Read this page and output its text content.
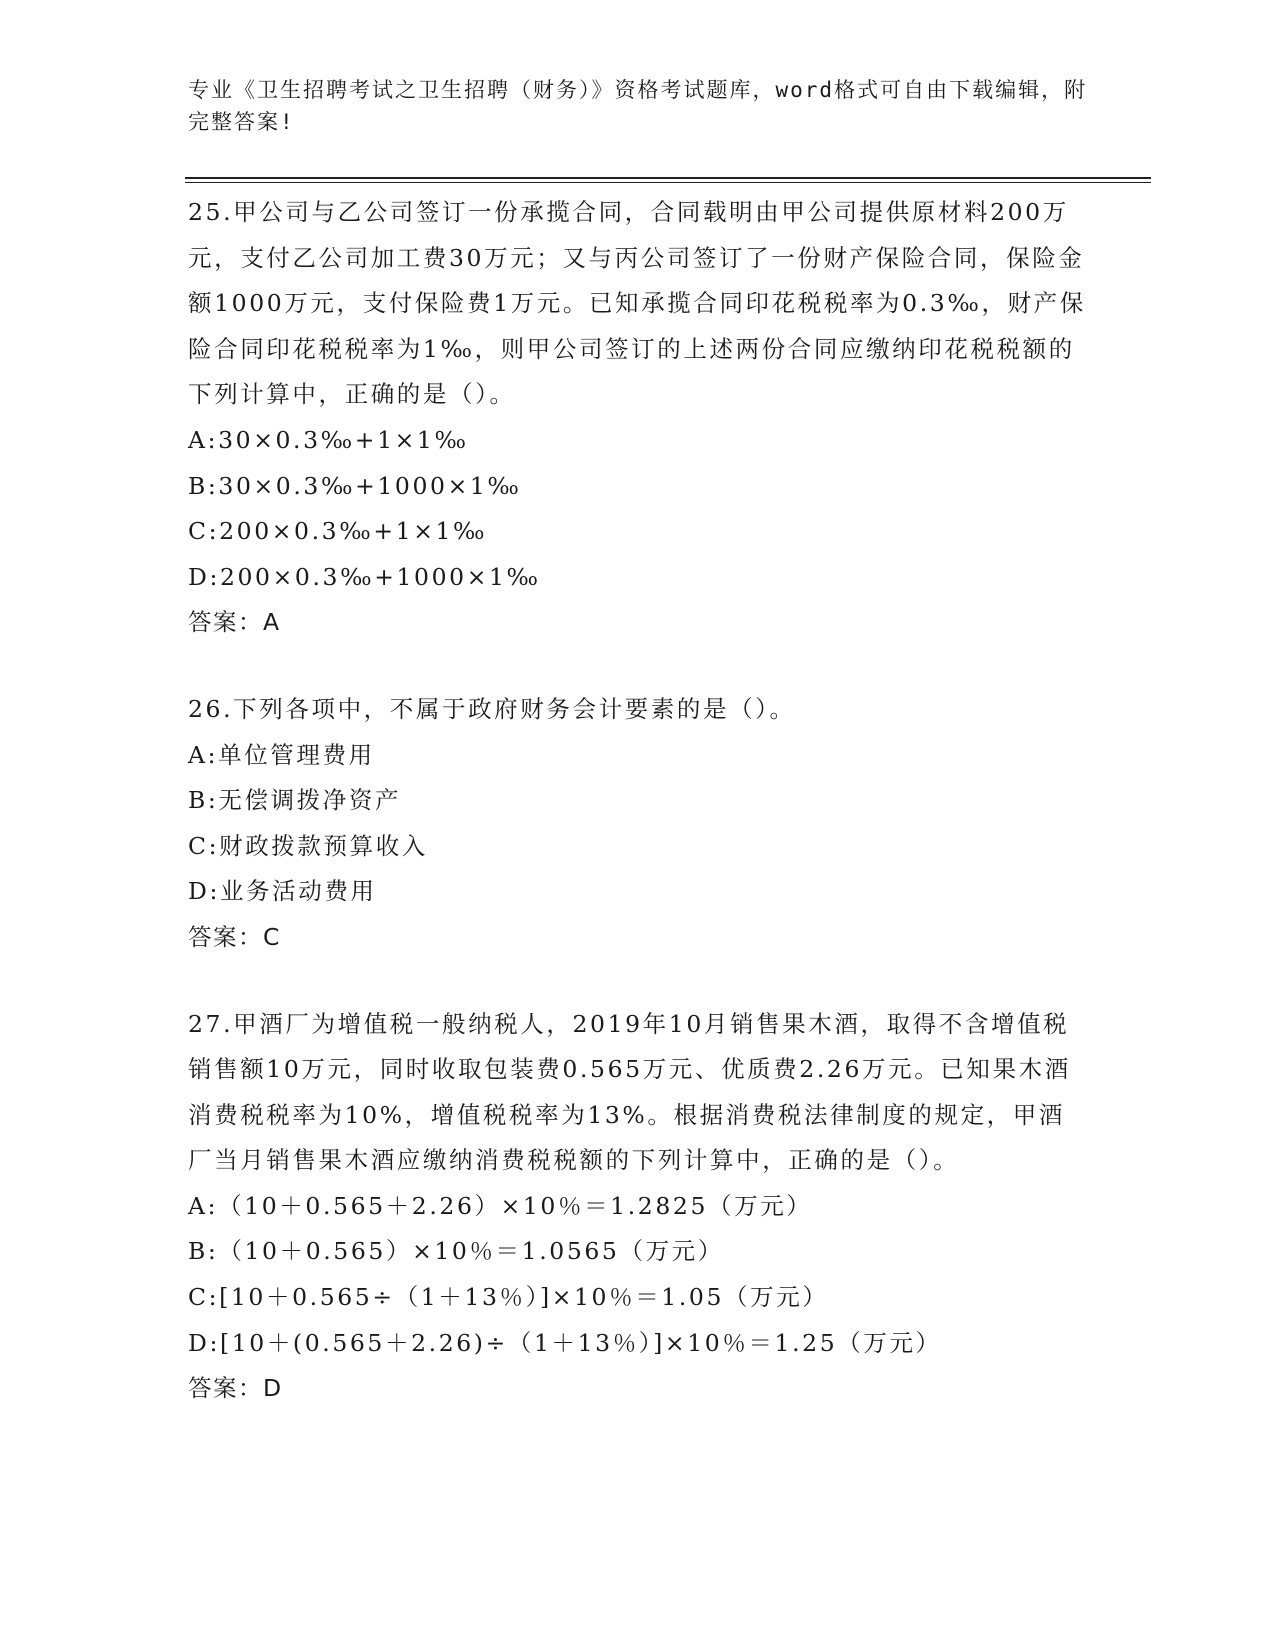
专业《卫生招聘考试之卫生招聘（财务）》资格考试题库，word格式可自由下载编辑，附完整答案!
25.甲公司与乙公司签订一份承揽合同，合同载明由甲公司提供原材料200万元，支付乙公司加工费30万元；又与丙公司签订了一份财产保险合同，保险金额1000万元，支付保险费1万元。已知承揽合同印花税税率为0.3‰，财产保险合同印花税税率为1‰，则甲公司签订的上述两份合同应缴纳印花税税额的下列计算中，正确的是（）。
A:30×0.3‰+1×1‰
B:30×0.3‰+1000×1‰
C:200×0.3‰+1×1‰
D:200×0.3‰+1000×1‰
答案：A
26.下列各项中，不属于政府财务会计要素的是（）。
A:单位管理费用
B:无偿调拨净资产
C:财政拨款预算收入
D:业务活动费用
答案：C
27.甲酒厂为增值税一般纳税人，2019年10月销售果木酒，取得不含增值税销售额10万元，同时收取包装费0.565万元、优质费2.26万元。已知果木酒消费税税率为10%，增值税税率为13%。根据消费税法律制度的规定，甲酒厂当月销售果木酒应缴纳消费税税额的下列计算中，正确的是（）。
A:（10＋0.565＋2.26）×10％＝1.2825（万元）
B:（10＋0.565）×10％＝1.0565（万元）
C:[10＋0.565÷（1＋13％）]×10％＝1.05（万元）
D:[10＋(0.565＋2.26)÷（1＋13％）]×10％＝1.25（万元）
答案：D
